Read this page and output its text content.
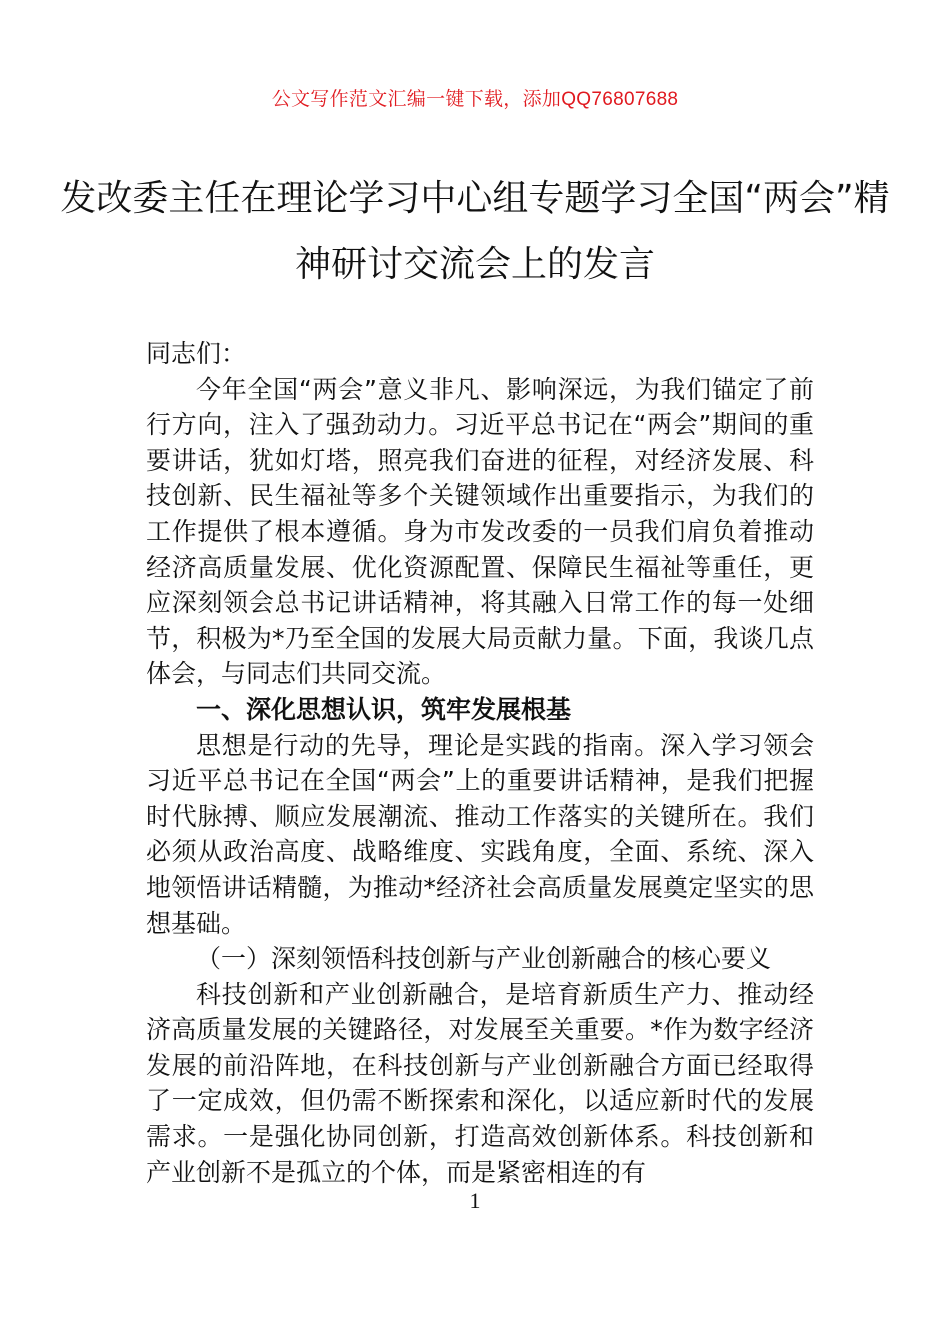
公文写作范文汇编一键下载，添加QQ76807688
发改委主任在理论学习中心组专题学习全国“两会”精神研讨交流会上的发言

同志们：

今年全国“两会”意义非凡、影响深远，为我们锚定了前行方向，注入了强劲动力。习近平总书记在“两会”期间的重要讲话，犹如灯塔，照亮我们奋进的征程，对经济发展、科技创新、民生福祉等多个关键领域作出重要指示，为我们的工作提供了根本遵循。身为市发改委的一员我们肩负着推动经济高质量发展、优化资源配置、保障民生福祉等重任，更应深刻领会总书记讲话精神，将其融入日常工作的每一处细节，积极为*乃至全国的发展大局贡献力量。下面，我谈几点体会，与同志们共同交流。

一、深化思想认识，筑牢发展根基

思想是行动的先导，理论是实践的指南。深入学习领会习近平总书记在全国“两会”上的重要讲话精神，是我们把握时代脉搏、顺应发展潮流、推动工作落实的关键所在。我们必须从政治高度、战略维度、实践角度，全面、系统、深入地领悟讲话精髓，为推动*经济社会高质量发展奠定坚实的思想基础。

（一）深刻领悟科技创新与产业创新融合的核心要义

科技创新和产业创新融合，是培育新质生产力、推动经济高质量发展的关键路径，对发展至关重要。*作为数字经济发展的前沿阵地，在科技创新与产业创新融合方面已经取得了一定成效，但仍需不断探索和深化，以适应新时代的发展需求。一是强化协同创新，打造高效创新体系。科技创新和产业创新不是孤立的个体，而是紧密相连的有

1
